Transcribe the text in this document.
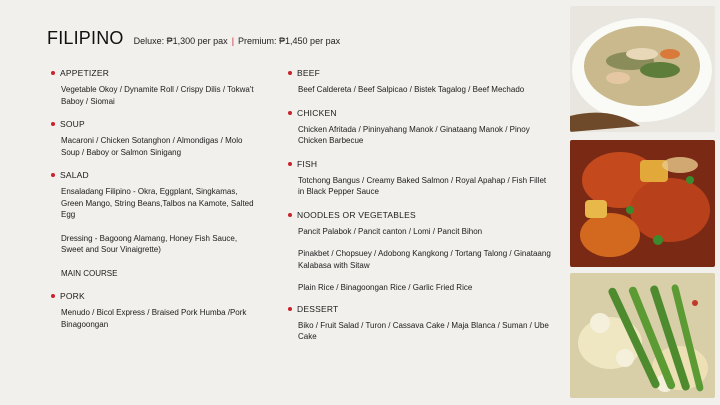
FILIPINO Deluxe: ₱1,300 per pax | Premium: ₱1,450 per pax
APPETIZER

Vegetable Okoy / Dynamite Roll / Crispy Dilis / Tokwa't Baboy / Siomai

SOUP

Macaroni / Chicken Sotanghon / Almondigas / Molo Soup / Baboy or Salmon Sinigang

SALAD

Ensaladang Filipino - Okra, Eggplant, Singkamas, Green Mango, String Beans,Talbos na Kamote, Salted Egg

Dressing - Bagoong Alamang, Honey Fish Sauce, Sweet and Sour Vinaigrette)

MAIN COURSE

PORK

Menudo / Bicol Express / Braised Pork Humba /Pork Binagoongan

BEEF

Beef Caldereta / Beef Salpicao / Bistek Tagalog / Beef Mechado

CHICKEN

Chicken Afritada / Pininyahang Manok / Ginataang Manok / Pinoy Chicken Barbecue

FISH

Totchong Bangus / Creamy Baked Salmon / Royal Apahap / Fish Fillet in Black Pepper Sauce

NOODLES OR VEGETABLES

Pancit Palabok / Pancit canton / Lomi / Pancit Bihon

Pinakbet / Chopsuey / Adobong Kangkong / Tortang Talong / Ginataang Kalabasa with Sitaw

Plain Rice / Binagoongan Rice / Garlic Fried Rice

DESSERT

Biko / Fruit Salad / Turon / Cassava Cake / Maja Blanca / Suman / Ube Cake
